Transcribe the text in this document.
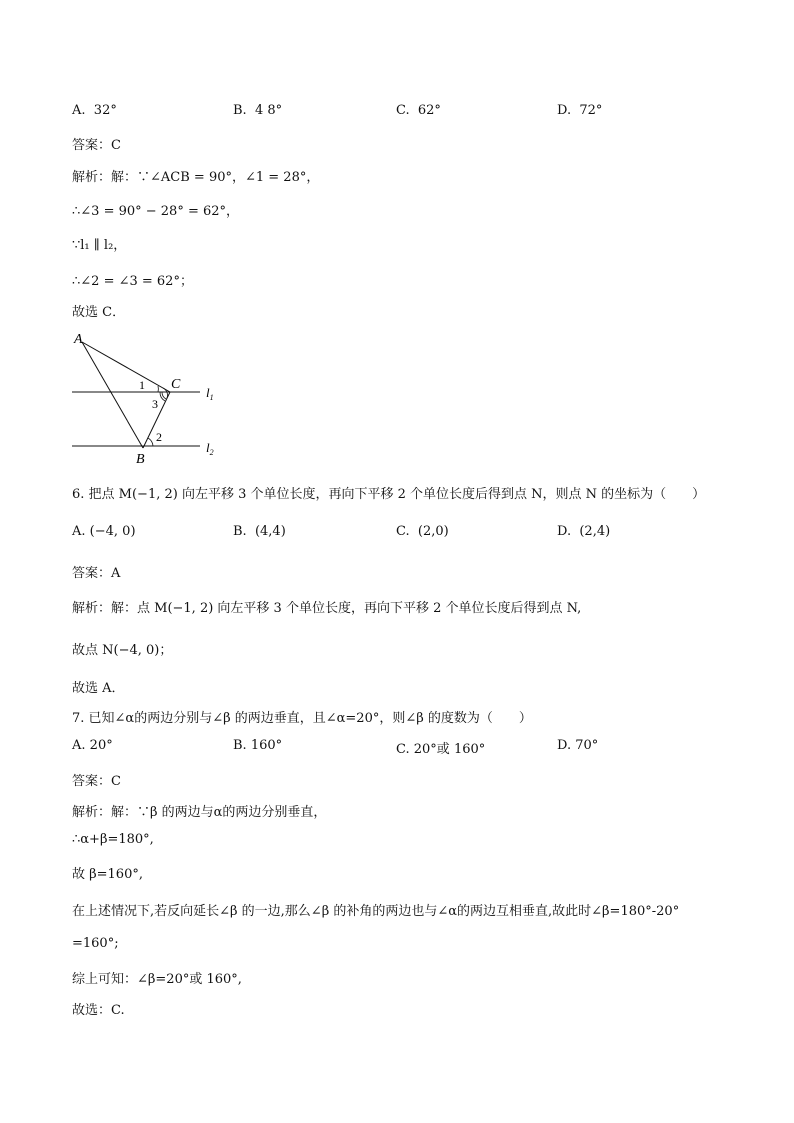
A. 32°	B. 4 8°	C. 62°	D. 72°
答案：C
解析：解：∵∠ACB = 90°，∠1 = 28°，
∴∠3 = 90° − 28° = 62°，
∵l₁ ∥ l₂，
∴∠2 = ∠3 = 62°；
故选 C．
A
B
C
1
3
2
$l_1$
$l_2$
6. 把点 M(−1, 2) 向左平移 3 个单位长度，再向下平移 2 个单位长度后得到点 N，则点 N 的坐标为（　　）
A. (−4, 0)	B. (4,4)	C. (2,0)	D. (2,4)
答案：A
解析：解：点 M(−1, 2) 向左平移 3 个单位长度，再向下平移 2 个单位长度后得到点 N,
故点 N(−4, 0)；
故选 A．
7. 已知∠α的两边分别与∠β 的两边垂直，且∠α=20°，则∠β 的度数为（　　）
A. 20°	B. 160°	C. 20°或 160°	D. 70°
答案：C
解析：解：∵β 的两边与α的两边分别垂直，
∴α+β=180°,
故 β=160°,
在上述情况下,若反向延长∠β 的一边,那么∠β 的补角的两边也与∠α的两边互相垂直,故此时∠β=180°-20°
=160°;
综上可知：∠β=20°或 160°,
故选：C.
